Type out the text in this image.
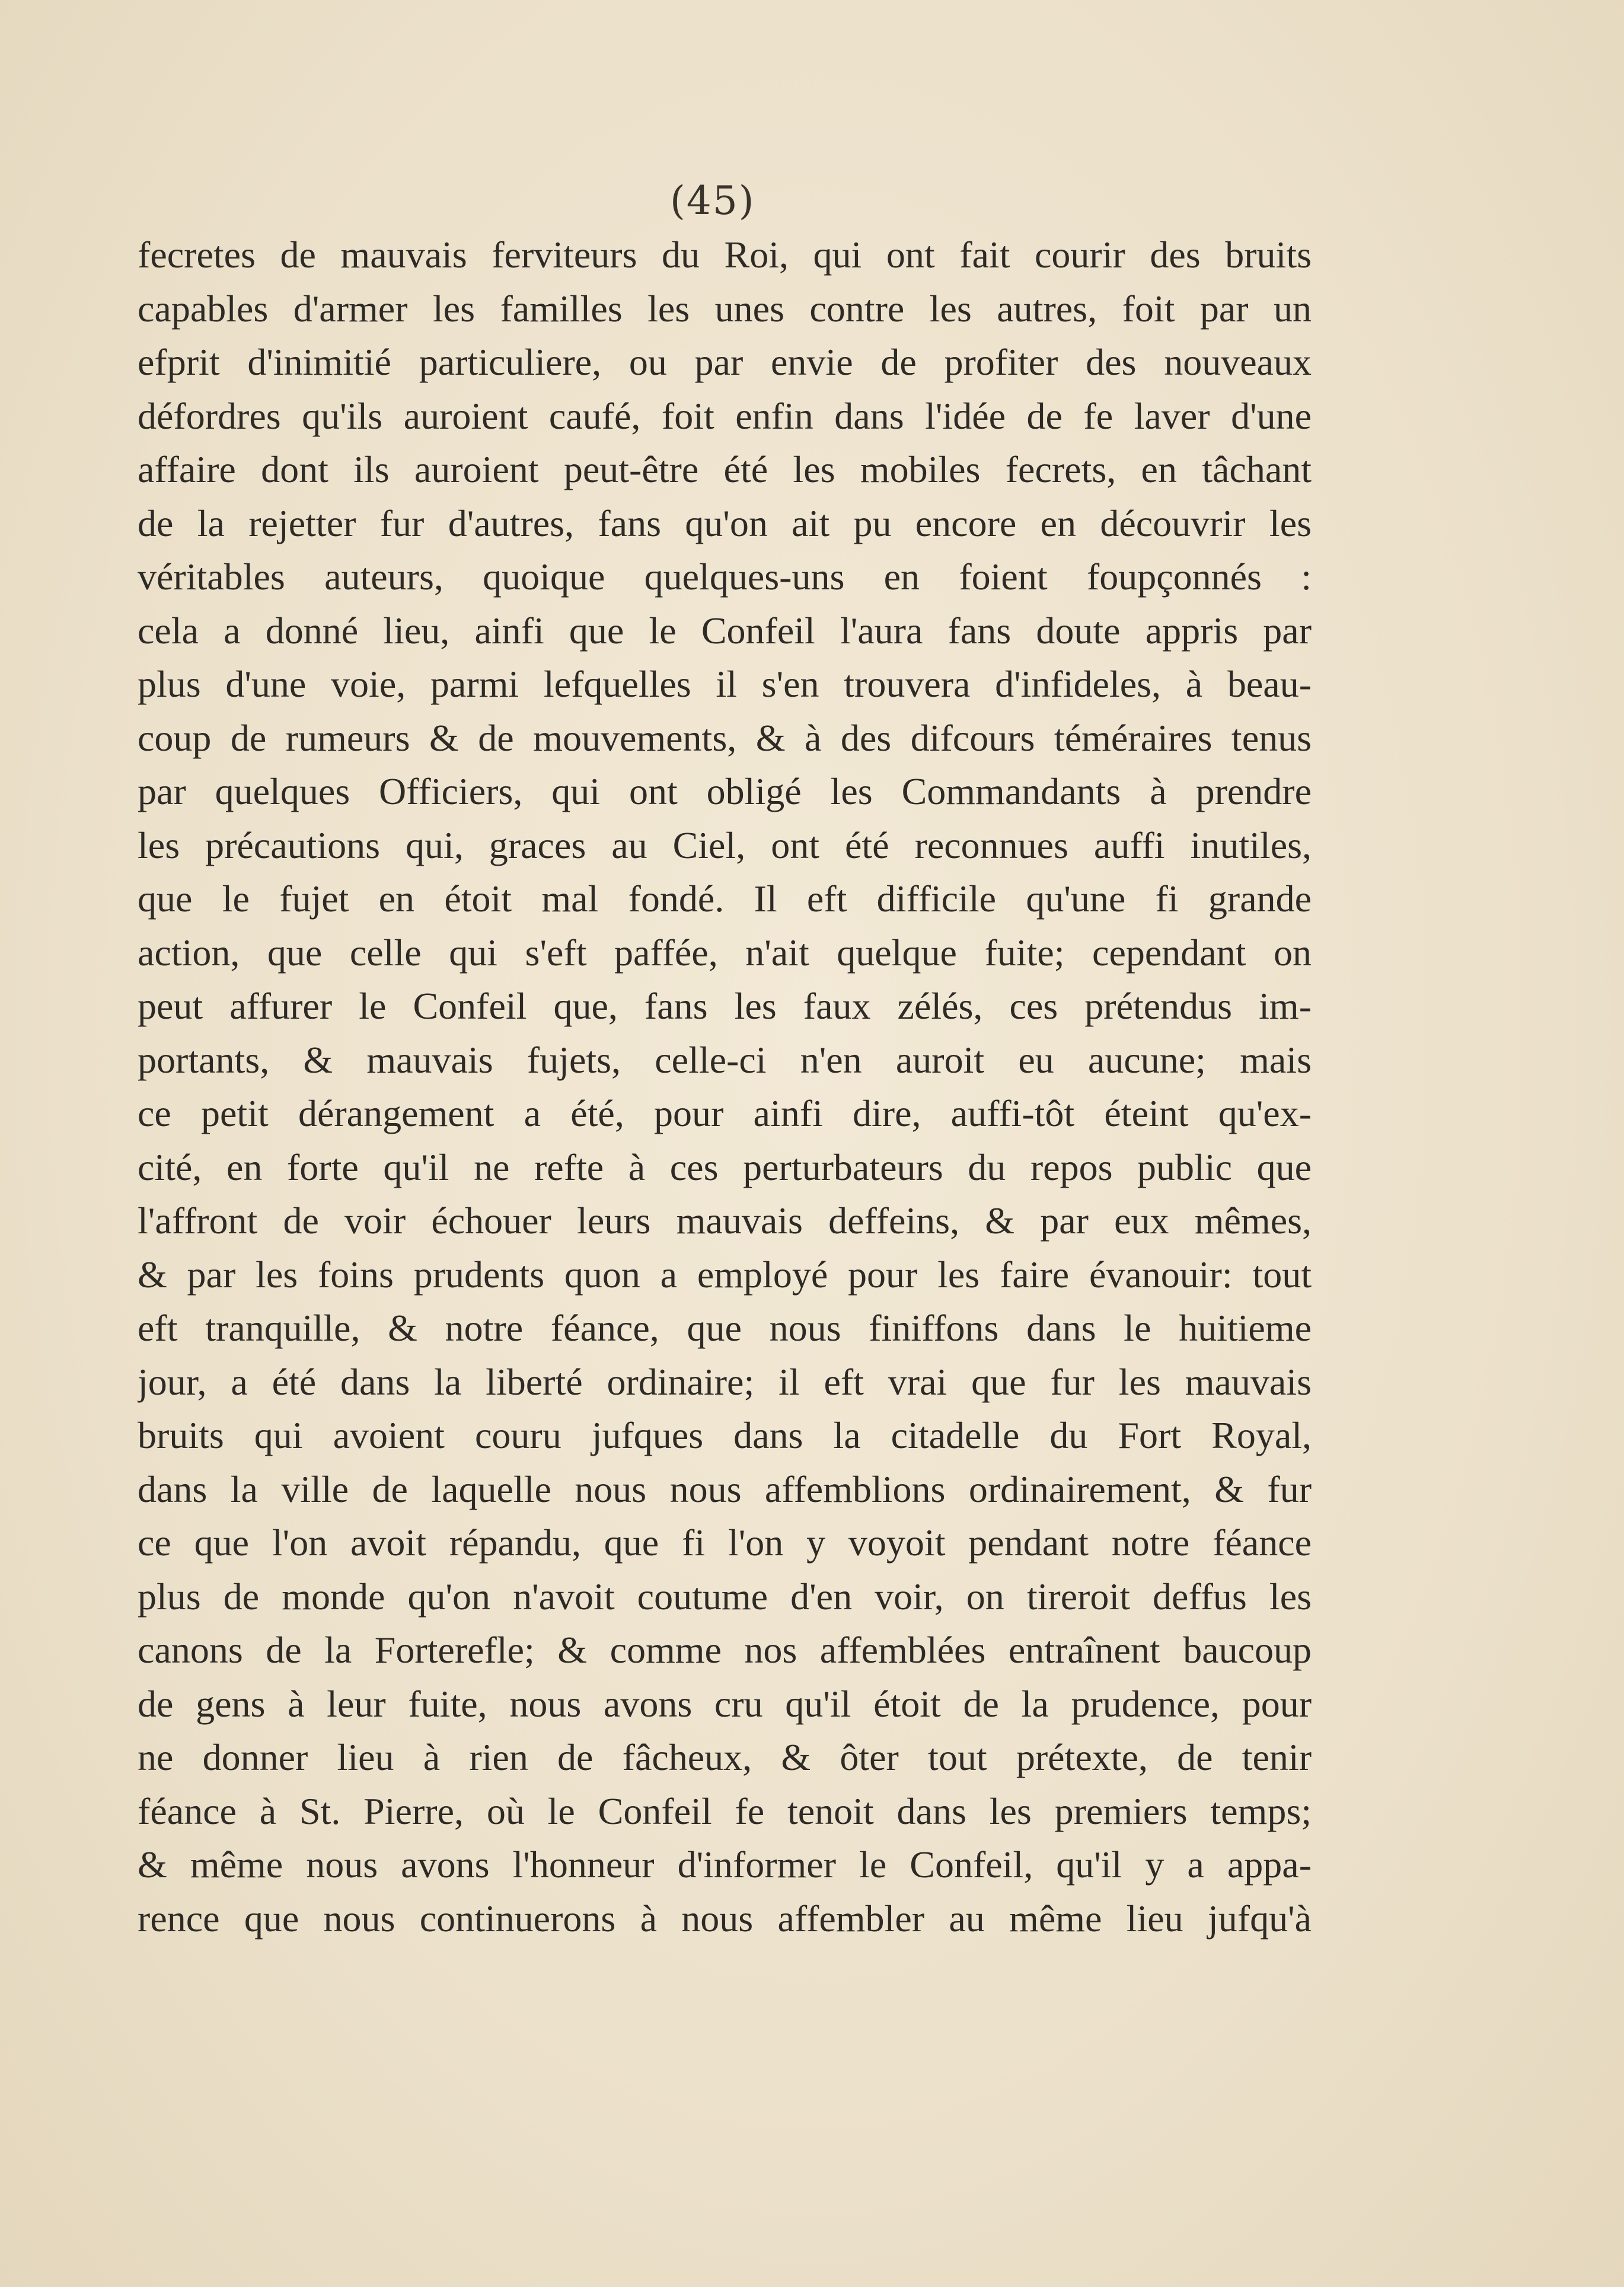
(45)
fecretes de mauvais ferviteurs du Roi, qui ont fait courir des bruits
capables d'armer les familles les unes contre les autres, foit par un
efprit d'inimitié particuliere, ou par envie de profiter des nouveaux
défordres qu'ils auroient caufé, foit enfin dans l'idée de fe laver d'une
affaire dont ils auroient peut-être été les mobiles fecrets, en tâchant
de la rejetter fur d'autres, fans qu'on ait pu encore en découvrir les
véritables auteurs, quoique quelques-uns en foient foupçonnés :
cela a donné lieu, ainfi que le Confeil l'aura fans doute appris par
plus d'une voie, parmi lefquelles il s'en trouvera d'infideles, à beau-
coup de rumeurs & de mouvements, & à des difcours téméraires tenus
par quelques Officiers, qui ont obligé les Commandants à prendre
les précautions qui, graces au Ciel, ont été reconnues auffi inutiles,
que le fujet en étoit mal fondé. Il eft difficile qu'une fi grande
action, que celle qui s'eft paffée, n'ait quelque fuite; cependant on
peut affurer le Confeil que, fans les faux zélés, ces prétendus im-
portants, & mauvais fujets, celle-ci n'en auroit eu aucune; mais
ce petit dérangement a été, pour ainfi dire, auffi-tôt éteint qu'ex-
cité, en forte qu'il ne refte à ces perturbateurs du repos public que
l'affront de voir échouer leurs mauvais deffeins, & par eux mêmes,
& par les foins prudents quon a employé pour les faire évanouir: tout
eft tranquille, & notre féance, que nous finiffons dans le huitieme
jour, a été dans la liberté ordinaire; il eft vrai que fur les mauvais
bruits qui avoient couru jufques dans la citadelle du Fort Royal,
dans la ville de laquelle nous nous affemblions ordinairement, & fur
ce que l'on avoit répandu, que fi l'on y voyoit pendant notre féance
plus de monde qu'on n'avoit coutume d'en voir, on tireroit deffus les
canons de la Forterefle; & comme nos affemblées entraînent baucoup
de gens à leur fuite, nous avons cru qu'il étoit de la prudence, pour
ne donner lieu à rien de fâcheux, & ôter tout prétexte, de tenir
féance à St. Pierre, où le Confeil fe tenoit dans les premiers temps;
& même nous avons l'honneur d'informer le Confeil, qu'il y a appa-
rence que nous continuerons à nous affembler au même lieu jufqu'à
